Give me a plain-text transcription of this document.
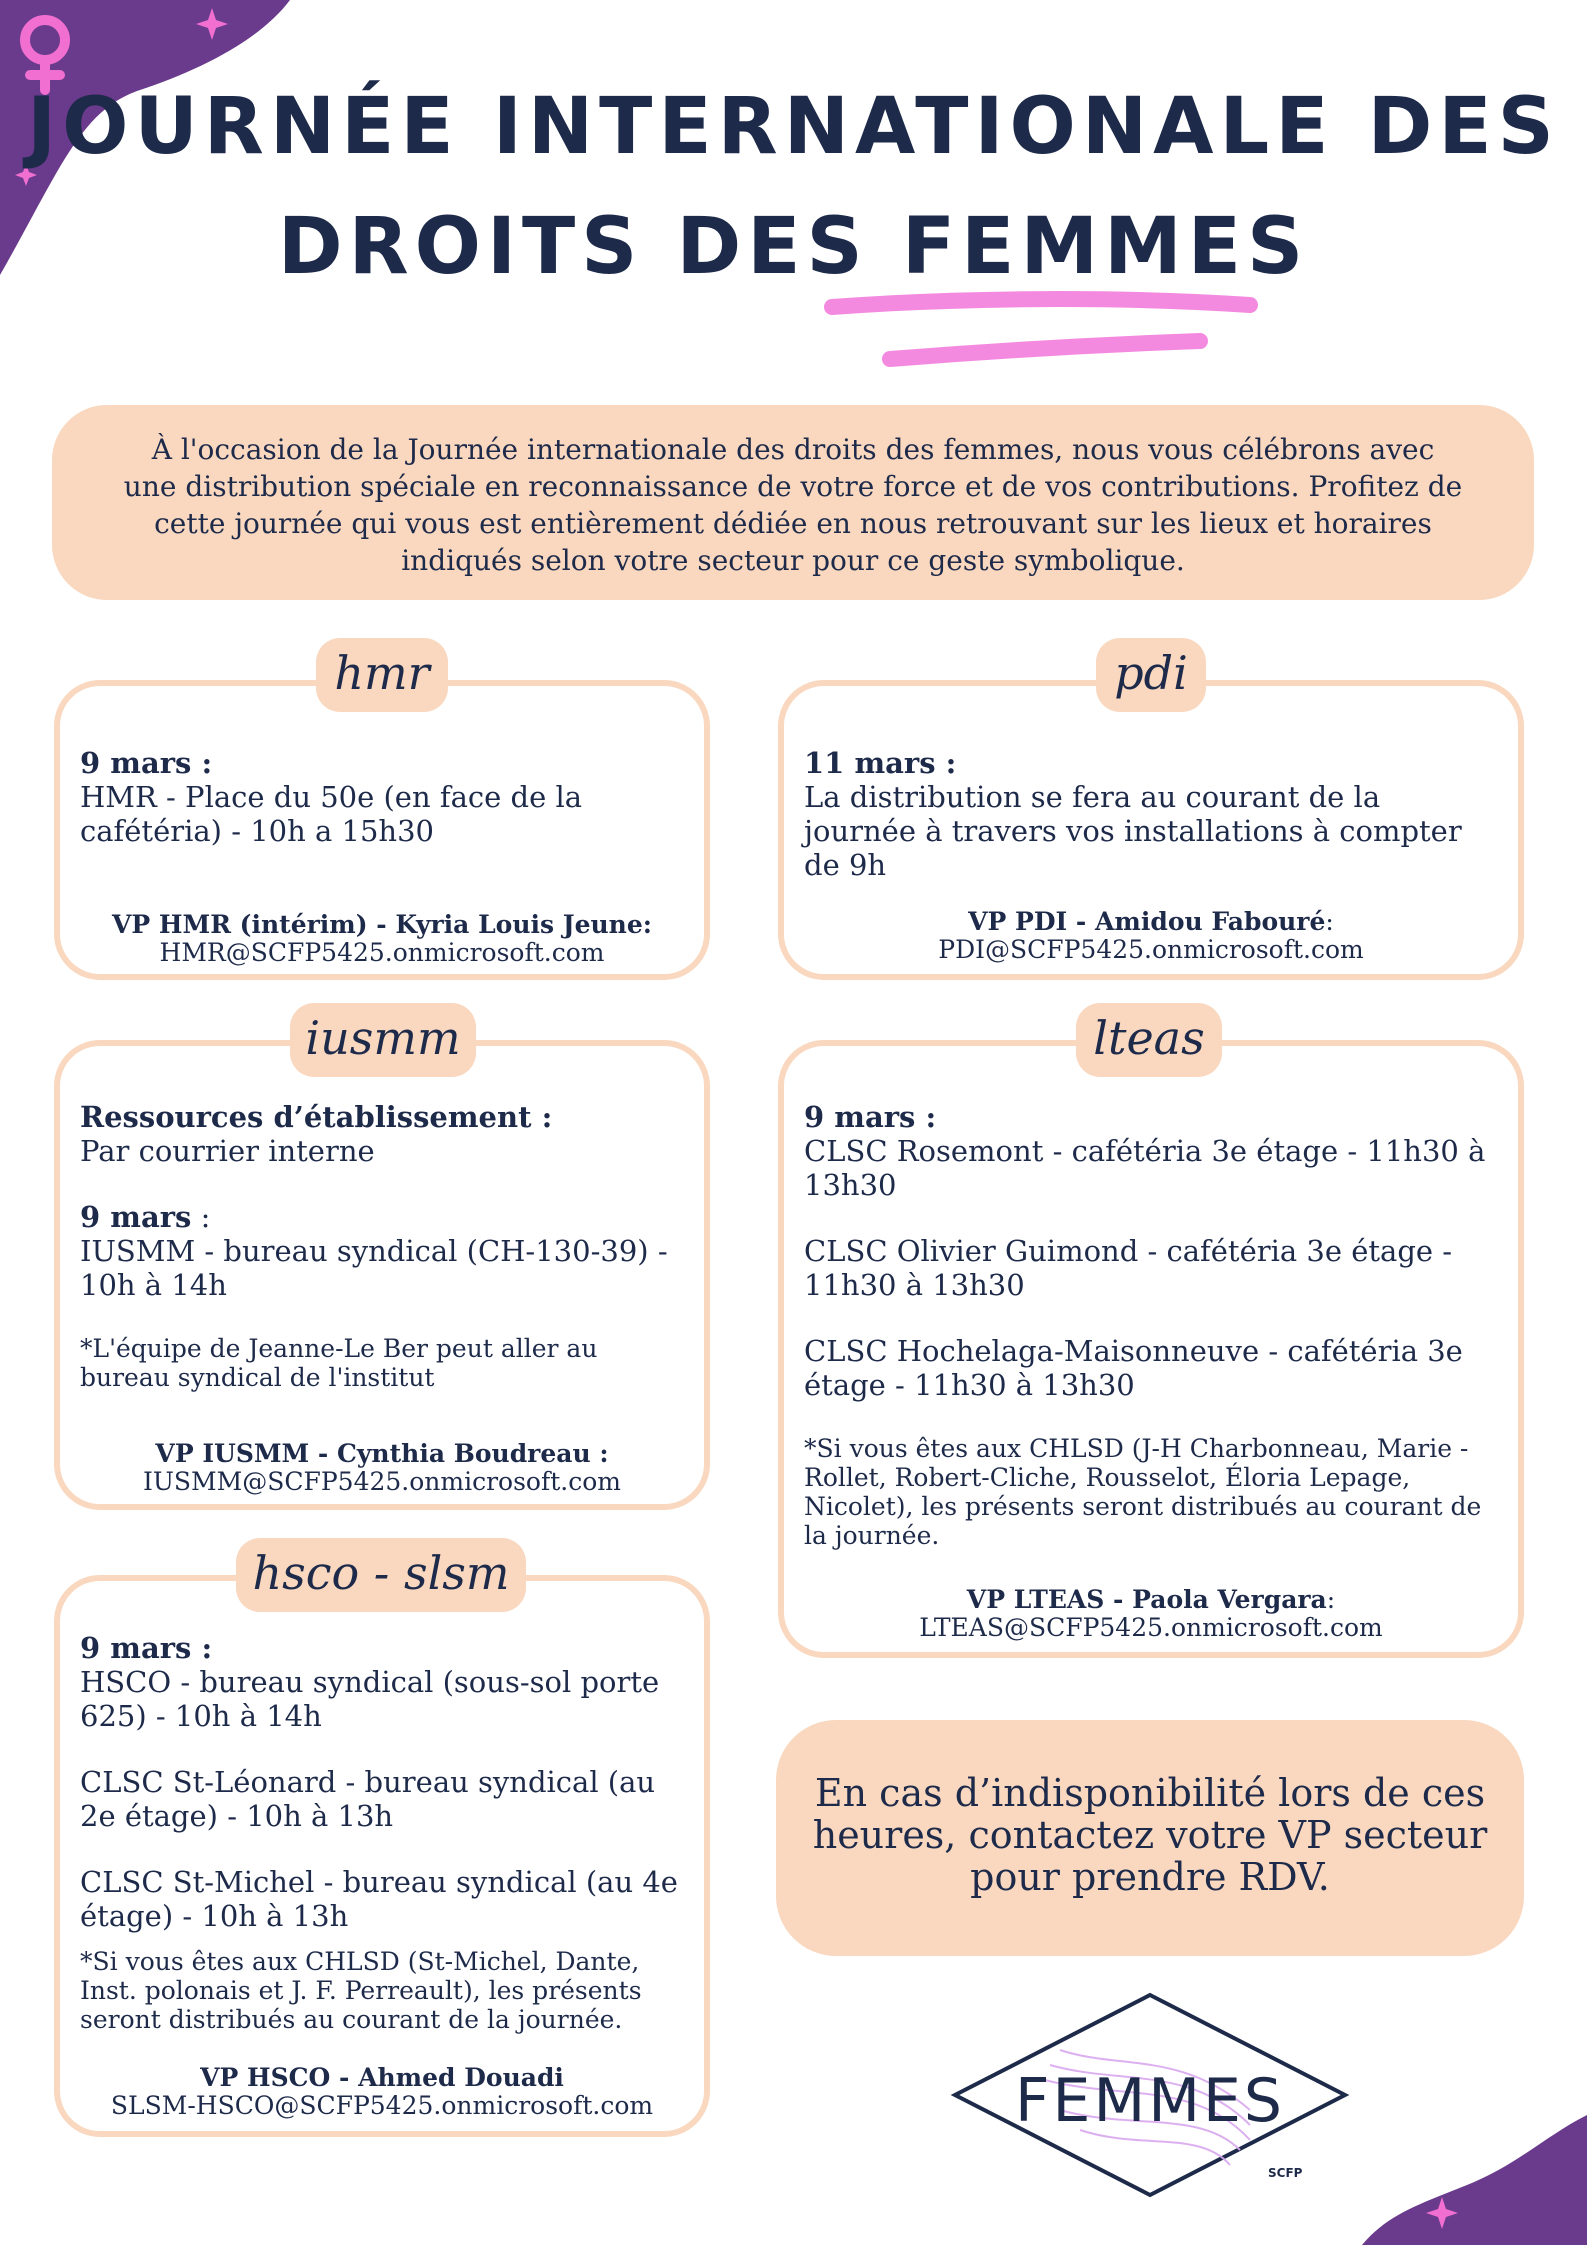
JOURNÉE INTERNATIONALE DES
DROITS DES FEMMES
À l'occasion de la Journée internationale des droits des femmes, nous vous célébrons avec une distribution spéciale en reconnaissance de votre force et de vos contributions. Profitez de cette journée qui vous est entièrement dédiée en nous retrouvant sur les lieux et horaires indiqués selon votre secteur pour ce geste symbolique.
9 mars :
HMR - Place du 50e (en face de la cafétéria) - 10h a 15h30
VP HMR (intérim) - Kyria Louis Jeune:
HMR@SCFP5425.onmicrosoft.com
hmr
11 mars :
La distribution se fera au courant de la journée à travers vos installations à compter de 9h
VP PDI - Amidou Fabouré:
PDI@SCFP5425.onmicrosoft.com
pdi
Ressources d’établissement :
Par courrier interne
9 mars :
IUSMM - bureau syndical (CH-130-39) - 10h à 14h
*L'équipe de Jeanne-Le Ber peut aller au bureau syndical de l'institut
VP IUSMM - Cynthia Boudreau :
IUSMM@SCFP5425.onmicrosoft.com
iusmm
9 mars :
CLSC Rosemont - cafétéria 3e étage - 11h30 à 13h30
CLSC Olivier Guimond - cafétéria 3e étage - 11h30 à 13h30
CLSC Hochelaga-Maisonneuve - cafétéria 3e étage - 11h30 à 13h30
*Si vous êtes aux CHLSD (J-H Charbonneau, Marie -Rollet, Robert-Cliche, Rousselot, Éloria Lepage, Nicolet), les présents seront distribués au courant de la journée.
VP LTEAS - Paola Vergara:
LTEAS@SCFP5425.onmicrosoft.com
lteas
9 mars :
HSCO - bureau syndical (sous-sol porte 625) - 10h à 14h
CLSC St-Léonard - bureau syndical (au 2e étage) - 10h à 13h
CLSC St-Michel - bureau syndical (au 4e étage) - 10h à 13h
*Si vous êtes aux CHLSD (St-Michel, Dante, Inst. polonais et J. F. Perreault), les présents seront distribués au courant de la journée.
VP HSCO - Ahmed Douadi
SLSM-HSCO@SCFP5425.onmicrosoft.com
hsco - slsm
En cas d’indisponibilité lors de ces heures, contactez votre VP secteur pour prendre RDV.
FEMMES
SCFP
